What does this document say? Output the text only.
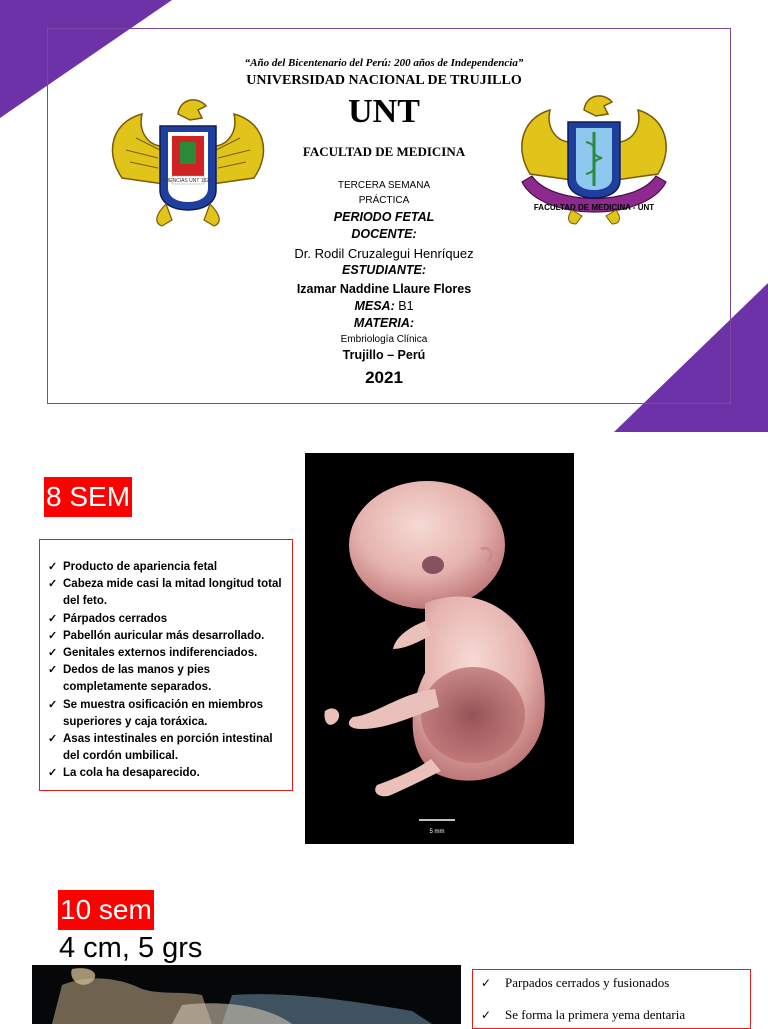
“Año del Bicentenario del Perú: 200 años de Independencia”
UNIVERSIDAD NACIONAL DE TRUJILLO
UNT
FACULTAD DE MEDICINA
TERCERA SEMANA
PRÁCTICA
PERIODO FETAL
DOCENTE:
Dr. Rodil Cruzalegui Henríquez
ESTUDIANTE:
Izamar Naddine Llaure Flores
MESA: B1
MATERIA:
Embriología Clínica
Trujillo – Perú
2021
CIENCIAS UNT 1824
FACULTAD DE MEDICINA - UNT
8 SEM
✓ Producto de apariencia fetal
✓ Cabeza mide casi la mitad longitud total del feto.
✓ Párpados cerrados
✓ Pabellón auricular más desarrollado.
✓ Genitales externos indiferenciados.
✓ Dedos de las manos y pies completamente separados.
✓ Se muestra osificación en miembros superiores y caja toráxica.
✓ Asas intestinales en porción intestinal del cordón umbilical.
✓ La cola ha desaparecido.
5 mm
10 sem
4 cm, 5 grs
✓ Parpados cerrados y fusionados
✓ Se forma la primera yema dentaria
